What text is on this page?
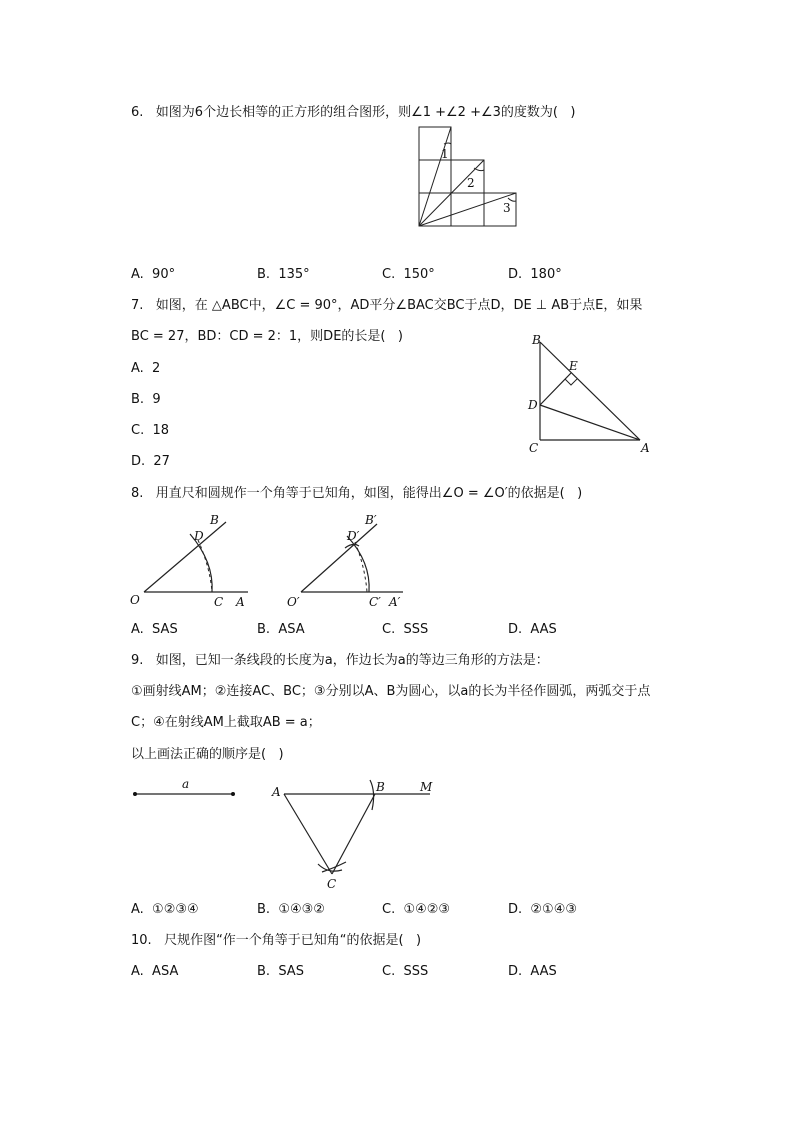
6.   如图为6个边长相等的正方形的组合图形，则∠1 +∠2 +∠3的度数为(   )
1
2
3
A.  90°	B.  135°	C.  150°	D.  180°
7.   如图，在 △ABC中，∠C = 90°，AD平分∠BAC交BC于点D，DE ⊥ AB于点E，如果
BC = 27，BD：CD = 2：1，则DE的长是(   )
A.  2
B.  9
C.  18
D.  27
B
E
D
C	A
8.   用直尺和圆规作一个角等于已知角，如图，能得出∠O = ∠O′的依据是(   )
O	C A
B
D
O′	C′ A′
B′
D′
A.  SAS	B.  ASA	C.  SSS	D.  AAS
9.   如图，已知一条线段的长度为a，作边长为a的等边三角形的方法是：
①画射线AM；②连接AC、BC；③分别以A、B为圆心，以a的长为半径作圆弧，两弧交于点
C；④在射线AM上截取AB = a；
以上画法正确的顺序是(   )
a
A	B	M
C
A.  ①②③④	B.  ①④③②	C.  ①④②③	D.  ②①④③
10.   尺规作图“作一个角等于已知角“的依据是(   )
A.  ASA	B.  SAS	C.  SSS	D.  AAS
